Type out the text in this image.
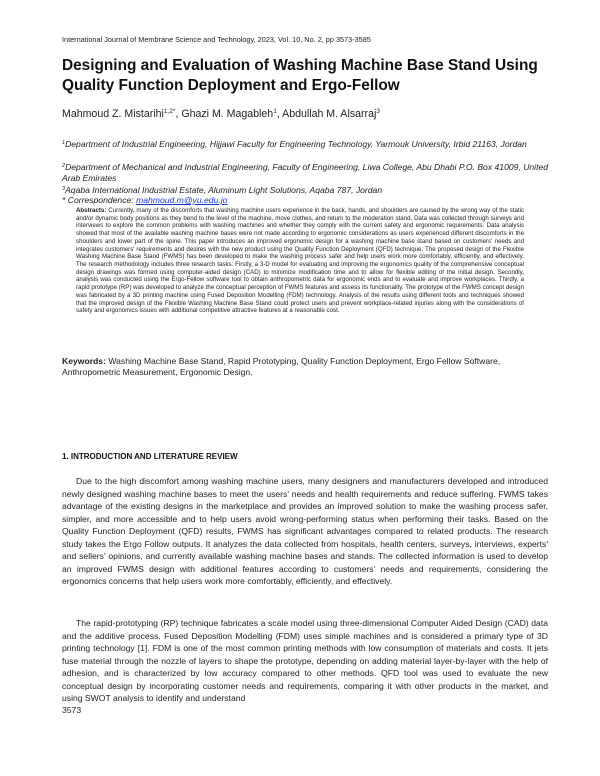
International Journal of Membrane Science and Technology, 2023, Vol. 10, No. 2, pp 3573-3585
Designing and Evaluation of Washing Machine Base Stand Using Quality Function Deployment and Ergo-Fellow
Mahmoud Z. Mistarihi$^{1,2*}$, Ghazi M. Magableh$^1$, Abdullah M. Alsarraj$^3$
$^1$Department of Industrial Engineering, Hijjawi Faculty for Engineering Technology, Yarmouk University, Irbid 21163, Jordan
$^2$Department of Mechanical and Industrial Engineering, Faculty of Engineering, Liwa College, Abu Dhabi P.O. Box 41009, United Arab Emirates
$^3$Aqaba International Industrial Estate, Aluminum Light Solutions, Aqaba 787, Jordan
* Correspondence: mahmoud.m@yu.edu.jo
Abstracts: Currently, many of the discomforts that washing machine users experience in the back, hands, and shoulders are caused by the wrong way of the static and/or dynamic body positions as they bend to the level of the machine, move clothes, and return to the moderation stand. Data was collected through surveys and interviews to explore the common problems with washing machines and whether they comply with the current safety and ergonomic requirements. Data analysis showed that most of the available washing machine bases were not made according to ergonomic considerations as users experienced different discomforts in the shoulders and lower part of the spine. This paper introduces an improved ergonomic design for a washing machine base stand based on customers' needs and integrates customers' requirements and desires with the new product using the Quality Function Deployment (QFD) technique. The proposed design of the Flexible Washing Machine Base Stand (FWMS) has been developed to make the washing process safer and help users work more comfortably, efficiently, and effectively. The research methodology includes three research tasks: Firstly, a 3-D model for evaluating and improving the ergonomics quality of the comprehensive conceptual design drawings was formed using computer-aided design (CAD) to minimize modification time and to allow for flexible editing of the initial design. Secondly, analysis was conducted using the Ergo-Fellow software tool to obtain anthropometric data for ergonomic ends and to evaluate and improve workplaces. Thirdly, a rapid prototype (RP) was developed to analyze the conceptual perception of FWMS features and assess its functionality. The prototype of the FWMS concept design was fabricated by a 3D printing machine using Fused Deposition Modelling (FDM) technology. Analysis of the results using different tools and techniques showed that the improved design of the Flexible Washing Machine Base Stand could protect users and prevent workplace-related injuries along with the considerations of safety and ergonomics issues with additional competitive attractive features at a reasonable cost.
Keywords: Washing Machine Base Stand, Rapid Prototyping, Quality Function Deployment, Ergo Fellow Software, Anthropometric Measurement, Ergonomic Design.
1. INTRODUCTION AND LITERATURE REVIEW

Due to the high discomfort among washing machine users, many designers and manufacturers developed and introduced newly designed washing machine bases to meet the users' needs and health requirements and reduce suffering. FWMS takes advantage of the existing designs in the marketplace and provides an improved solution to make the washing process safer, simpler, and more accessible and to help users avoid wrong-performing status when performing their tasks. Based on the Quality Function Deployment (QFD) results, FWMS has significant advantages compared to related products. The research study takes the Ergo Follow outputs. It analyzes the data collected from hospitals, health centers, surveys, interviews, experts' and sellers' opinions, and currently available washing machine bases and stands. The collected information is used to develop an improved FWMS design with additional features according to customers' needs and requirements, considering the ergonomics concerns that help users work more comfortably, efficiently, and effectively.

The rapid-prototyping (RP) technique fabricates a scale model using three-dimensional Computer Aided Design (CAD) data and the additive process. Fused Deposition Modelling (FDM) uses simple machines and is considered a primary type of 3D printing technology [1]. FDM is one of the most common printing methods with low consumption of materials and costs. It jets fuse material through the nozzle of layers to shape the prototype, depending on adding material layer-by-layer with the help of adhesion, and is characterized by low accuracy compared to other methods. QFD tool was used to evaluate the new conceptual design by incorporating customer needs and requirements, comparing it with other products in the market, and using SWOT analysis to identify and understand

3573
